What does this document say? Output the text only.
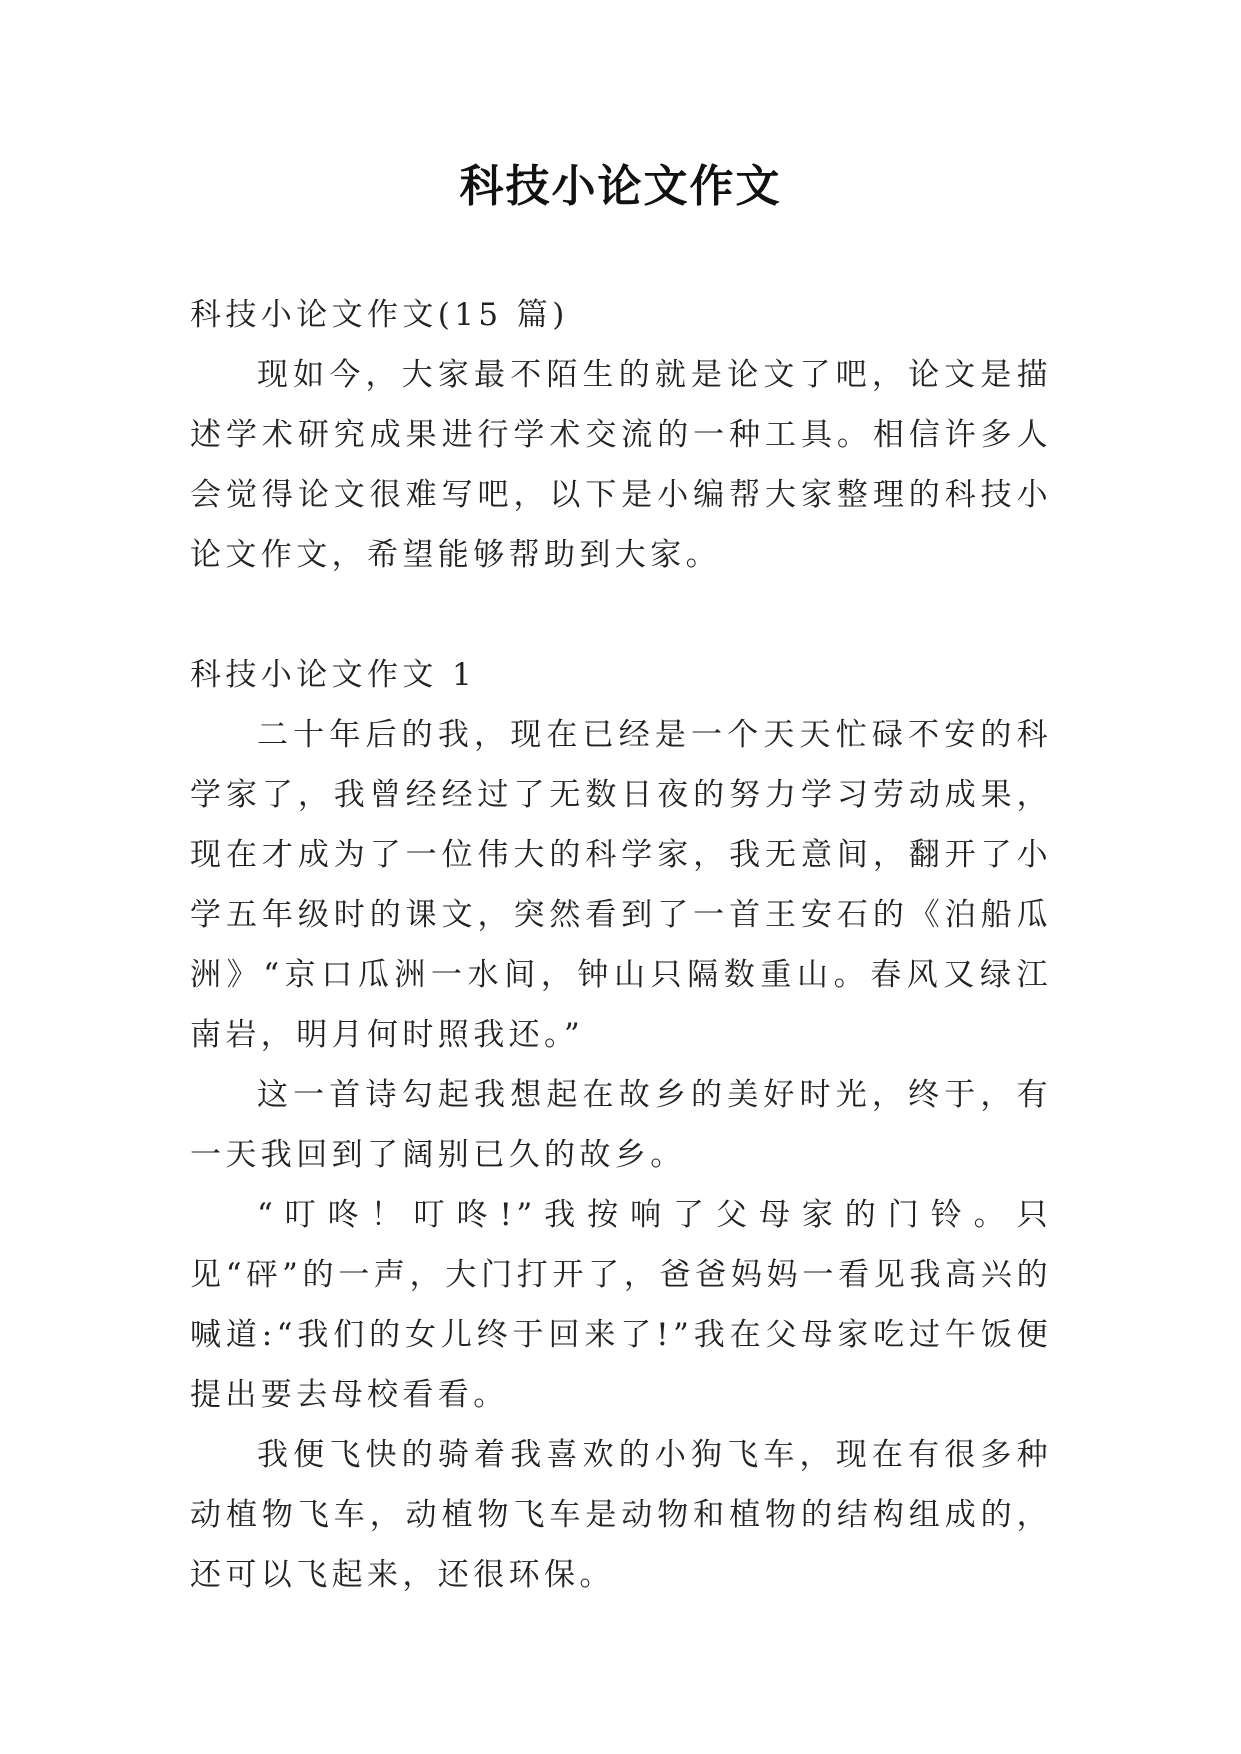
科技小论文作文

科技小论文作文(15 篇)

现如今，大家最不陌生的就是论文了吧，论文是描述学术研究成果进行学术交流的一种工具。相信许多人会觉得论文很难写吧，以下是小编帮大家整理的科技小论文作文，希望能够帮助到大家。

科技小论文作文 1

二十年后的我，现在已经是一个天天忙碌不安的科学家了，我曾经经过了无数日夜的努力学习劳动成果，现在才成为了一位伟大的科学家，我无意间，翻开了小学五年级时的课文，突然看到了一首王安石的《泊船瓜洲》“京口瓜洲一水间，钟山只隔数重山。春风又绿江南岩，明月何时照我还。”

这一首诗勾起我想起在故乡的美好时光，终于，有一天我回到了阔别已久的故乡。

“叮咚！叮咚!”我按响了父母家的门铃。只见“砰”的一声，大门打开了，爸爸妈妈一看见我高兴的喊道:“我们的女儿终于回来了!”我在父母家吃过午饭便提出要去母校看看。

我便飞快的骑着我喜欢的小狗飞车，现在有很多种动植物飞车，动植物飞车是动物和植物的结构组成的，还可以飞起来，还很环保。
